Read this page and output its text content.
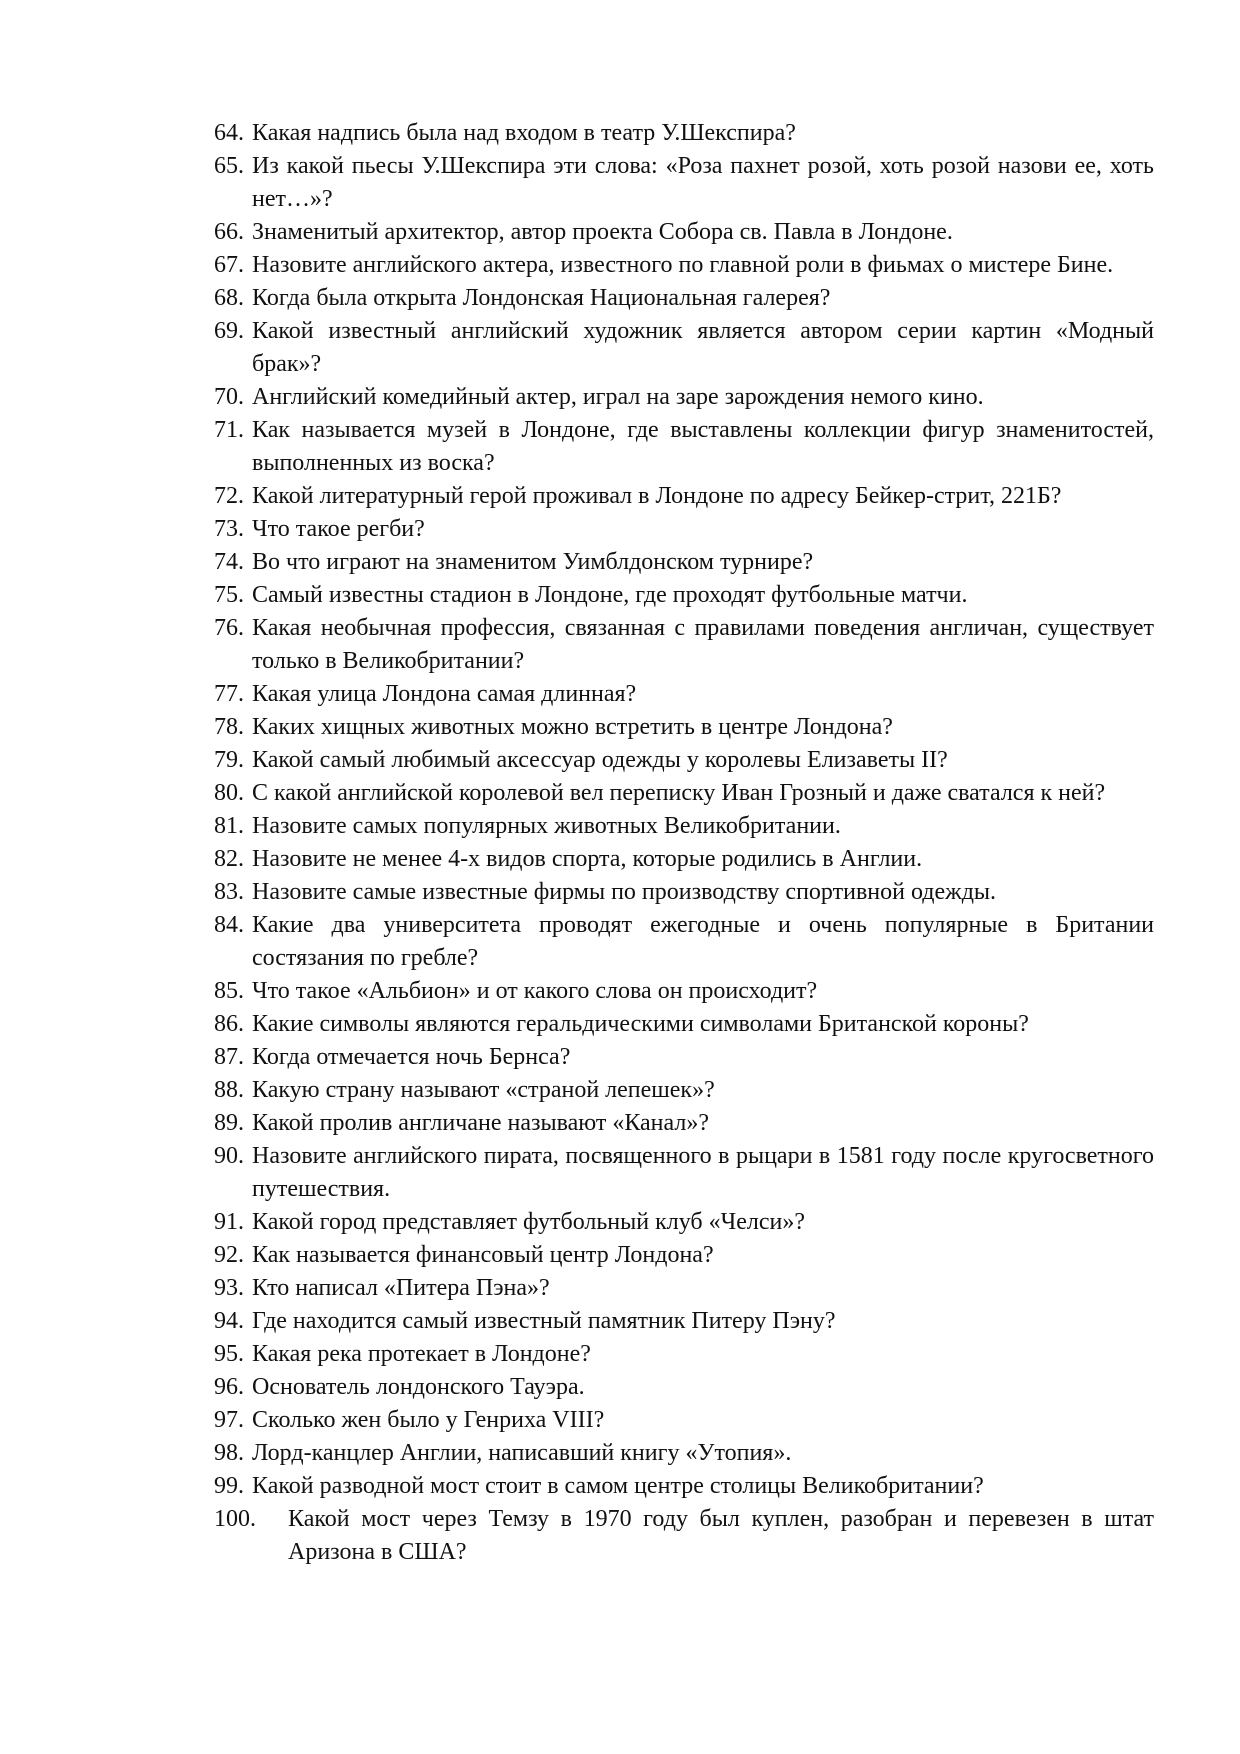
64. Какая надпись была над входом в театр У.Шекспира?
65. Из какой пьесы У.Шекспира эти слова: «Роза пахнет розой, хоть розой назови ее, хоть нет…»?
66. Знаменитый архитектор, автор проекта Собора св. Павла в Лондоне.
67. Назовите английского актера, известного по главной роли в фиьмах о мистере Бине.
68. Когда была открыта Лондонская Национальная галерея?
69. Какой известный английский художник является автором серии картин «Модный брак»?
70. Английский комедийный актер, играл на заре зарождения немого кино.
71. Как называется музей в Лондоне, где выставлены коллекции фигур знаменитостей, выполненных из воска?
72. Какой литературный герой проживал в Лондоне по адресу Бейкер-стрит, 221Б?
73. Что такое регби?
74. Во что играют на знаменитом Уимблдонском турнире?
75. Самый известны стадион в Лондоне, где проходят футбольные матчи.
76. Какая необычная профессия, связанная с правилами поведения англичан, существует только в Великобритании?
77. Какая улица Лондона самая длинная?
78. Каких хищных животных можно встретить в центре Лондона?
79. Какой самый любимый аксессуар одежды у королевы Елизаветы II?
80. С какой английской королевой вел переписку Иван Грозный и даже сватался к ней?
81. Назовите самых популярных животных Великобритании.
82. Назовите не менее 4-х видов спорта, которые родились в Англии.
83. Назовите самые известные фирмы по производству спортивной одежды.
84. Какие два университета проводят ежегодные и очень популярные в Британии состязания по гребле?
85. Что такое «Альбион» и от какого слова он происходит?
86. Какие символы являются геральдическими символами Британской короны?
87. Когда отмечается ночь Бернса?
88. Какую страну называют «страной лепешек»?
89. Какой пролив англичане называют «Канал»?
90. Назовите английского пирата, посвященного в рыцари в 1581 году после кругосветного путешествия.
91. Какой город представляет футбольный клуб «Челси»?
92. Как называется финансовый центр Лондона?
93. Кто написал «Питера Пэна»?
94. Где находится самый известный памятник Питеру Пэну?
95. Какая река протекает в Лондоне?
96. Основатель лондонского Тауэра.
97. Сколько жен было у Генриха VIII?
98. Лорд-канцлер Англии, написавший книгу «Утопия».
99. Какой разводной мост стоит в самом центре столицы Великобритании?
100.	Какой мост через Темзу в 1970 году был куплен, разобран и перевезен в штат Аризона в США?
